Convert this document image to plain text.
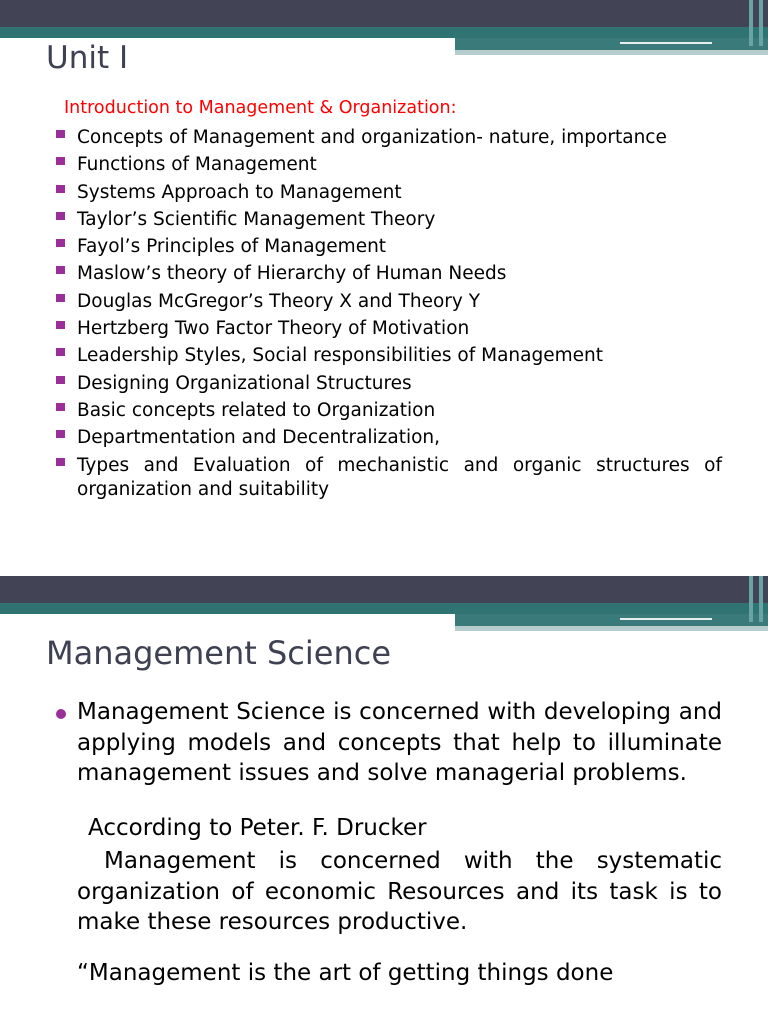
Unit I
Introduction to Management & Organization:
Concepts of Management and organization- nature, importance
Functions of Management
Systems Approach to Management
Taylor’s Scientific Management Theory
Fayol’s Principles of Management
Maslow’s theory of Hierarchy of Human Needs
Douglas McGregor’s Theory X and Theory Y
Hertzberg Two Factor Theory of Motivation
Leadership Styles, Social responsibilities of Management
Designing Organizational Structures
Basic concepts related to Organization
Departmentation and Decentralization,
Types and Evaluation of mechanistic and organic structures of organization and suitability
Management Science

Management Science is concerned with developing and applying models and concepts that help to illuminate management issues and solve managerial problems.

According to Peter. F. Drucker

Management is concerned with the systematic organization of economic Resources and its task is to make these resources productive.

“Management is the art of getting things done
